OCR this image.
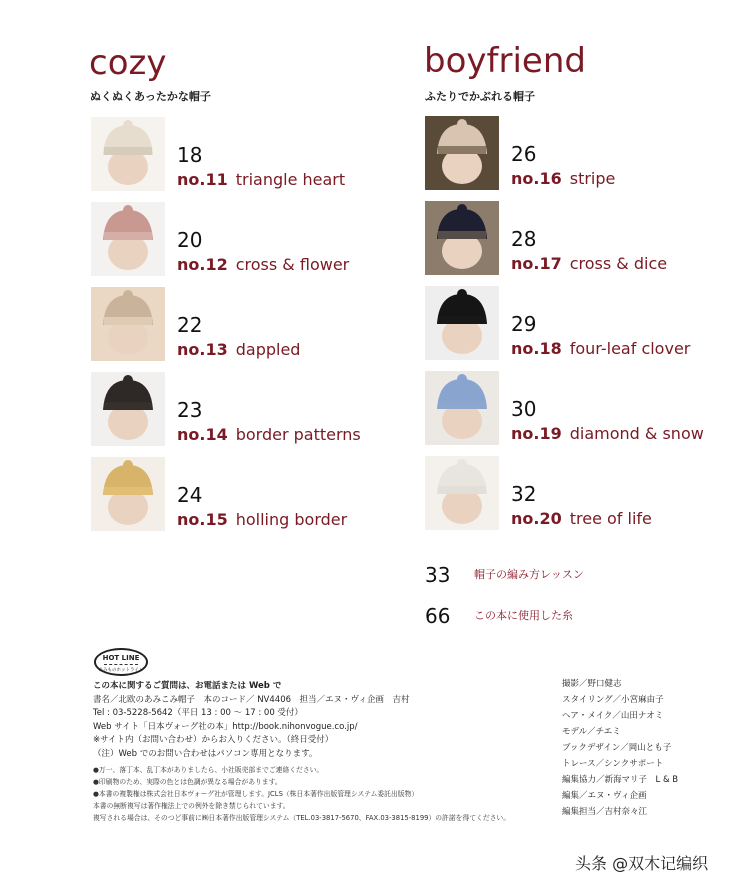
cozy
ぬくぬくあったかな帽子
boyfriend
ふたりでかぶれる帽子
18
no.11 triangle heart
20
no.12 cross & flower
22
no.13 dappled
23
no.14 border patterns
24
no.15 holling border
26
no.16 stripe
28
no.17 cross & dice
29
no.18 four-leaf clover
30
no.19 diamond & snow
32
no.20 tree of life
33 帽子の編み方レッスン
66 この本に使用した糸
HOT LINE
あみものホットライン
この本に関するご質問は、お電話または Web で
書名／北欧のあみこみ帽子　本のコード／ NV4406　担当／エヌ・ヴィ企画　吉村
Tel : 03-5228-5642（平日 13 : 00 〜 17 : 00 受付）
Web サイト「日本ヴォーグ社の本」http://book.nihonvogue.co.jp/
※サイト内（お問い合わせ）からお入りください。（終日受付）
（注）Web でのお問い合わせはパソコン専用となります。
●万一、落丁本、乱丁本がありましたら、小社販売部までご連絡ください。
●印刷物のため、実際の色とは色調が異なる場合があります。
●本書の複製権は株式会社日本ヴォーグ社が管理します。JCLS（株日本著作出版管理システム委託出版物）
本書の無断複写は著作権法上での例外を除き禁じられています。
複写される場合は、そのつど事前に㈱日本著作出版管理システム（TEL.03-3817-5670、FAX.03-3815-8199）の許諾を得てください。
撮影／野口健志
スタイリング／小宮麻由子
ヘア・メイク／山田ナオミ
モデル／チエミ
ブックデザイン／岡山とも子
トレース／シンクサポート
編集協力／新海マリ子　L & B
編集／エヌ・ヴィ企画
編集担当／吉村奈々江
头条 @双木记编织
